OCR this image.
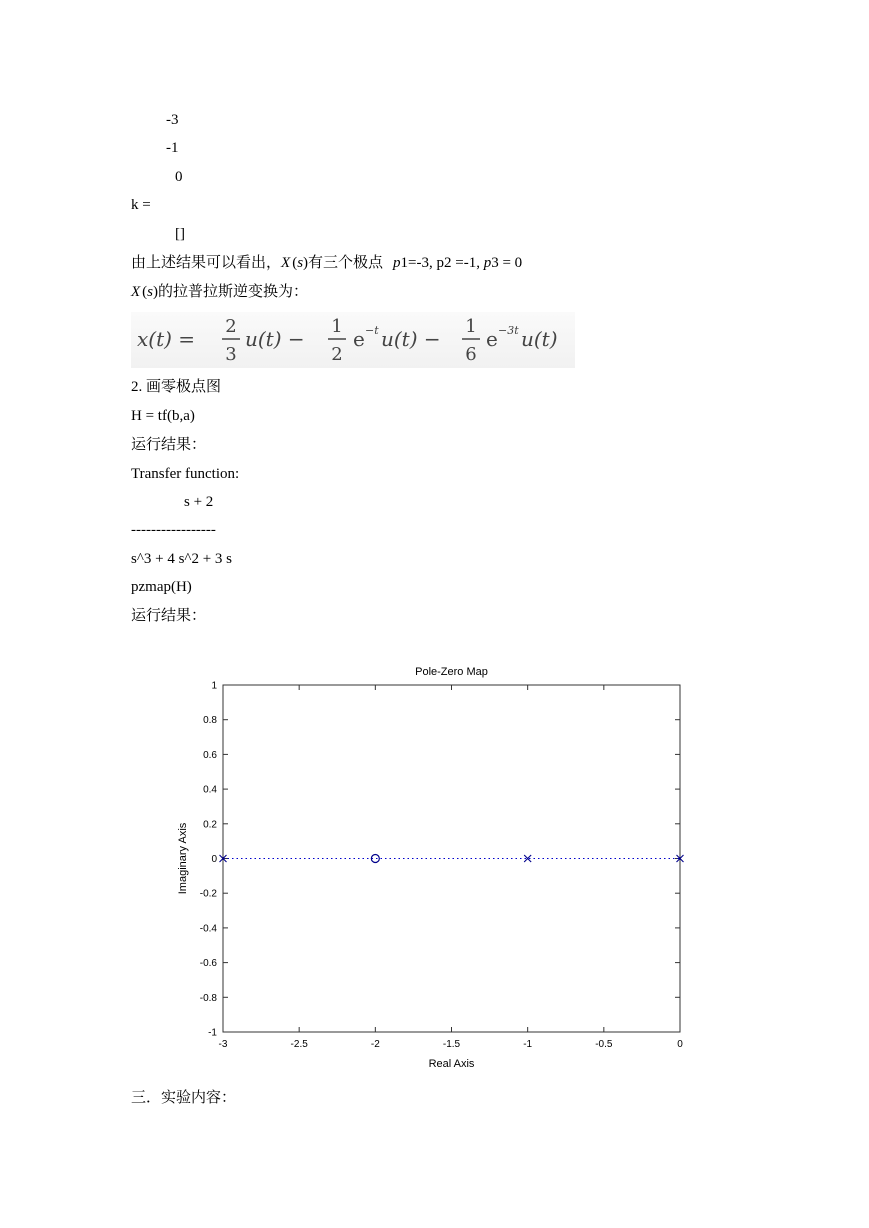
-3
-1
0
k =
[]
由上述结果可以看出，X (s)有三个极点 p1=-3, p2 =-1, p3 = 0
X (s)的拉普拉斯逆变换为：
x(t) =
2
3
u(t) −
1
2
e −t u(t) −
1
6
e −3t u(t)
2. 画零极点图
H = tf(b,a)
运行结果：
Transfer function:
s + 2
-----------------
s^3 + 4 s^2 + 3 s
pzmap(H)
运行结果：
Pole-Zero Map
Real Axis
Imaginary Axis
-3	-2.5	-2	-1.5	-1	-0.5	0
-1
-0.8
-0.6
-0.4
-0.2
0
0.2
0.4
0.6
0.8
1
三．实验内容：
